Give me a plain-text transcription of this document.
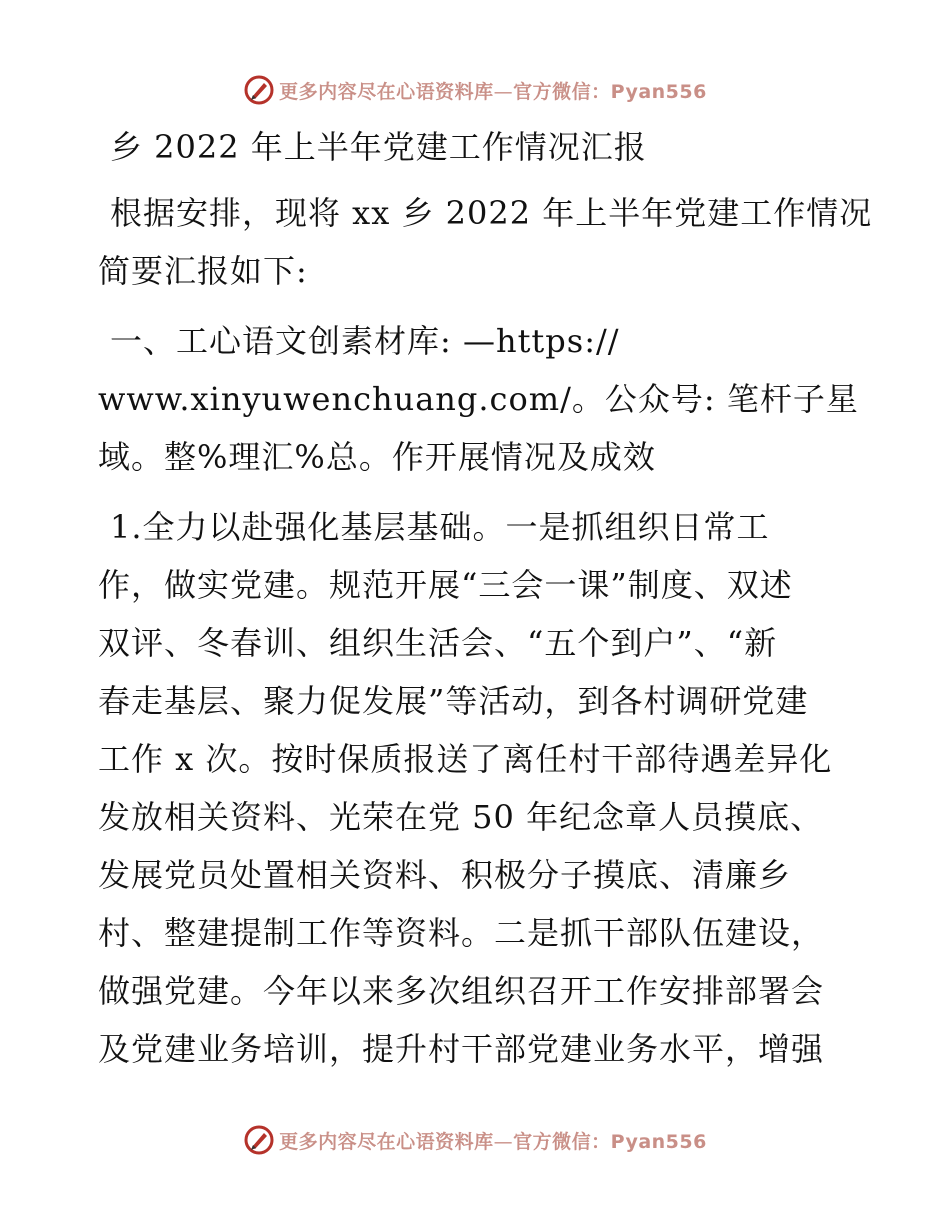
更多内容尽在心语资料库—官方微信：Pyan556
乡 2022 年上半年党建工作情况汇报

根据安排，现将 xx 乡 2022 年上半年党建工作情况
简要汇报如下:

一、工心语文创素材库: —https://
www.xinyuwenchuang.com/。公众号: 笔杆子星
域。整%理汇%总。作开展情况及成效

1.全力以赴强化基层基础。一是抓组织日常工
作，做实党建。规范开展“三会一课”制度、双述
双评、冬春训、组织生活会、“五个到户”、“新
春走基层、聚力促发展”等活动，到各村调研党建
工作 x 次。按时保质报送了离任村干部待遇差异化
发放相关资料、光荣在党 50 年纪念章人员摸底、
发展党员处置相关资料、积极分子摸底、清廉乡
村、整建提制工作等资料。二是抓干部队伍建设，
做强党建。今年以来多次组织召开工作安排部署会
及党建业务培训，提升村干部党建业务水平，增强

更多内容尽在心语资料库—官方微信：Pyan556
